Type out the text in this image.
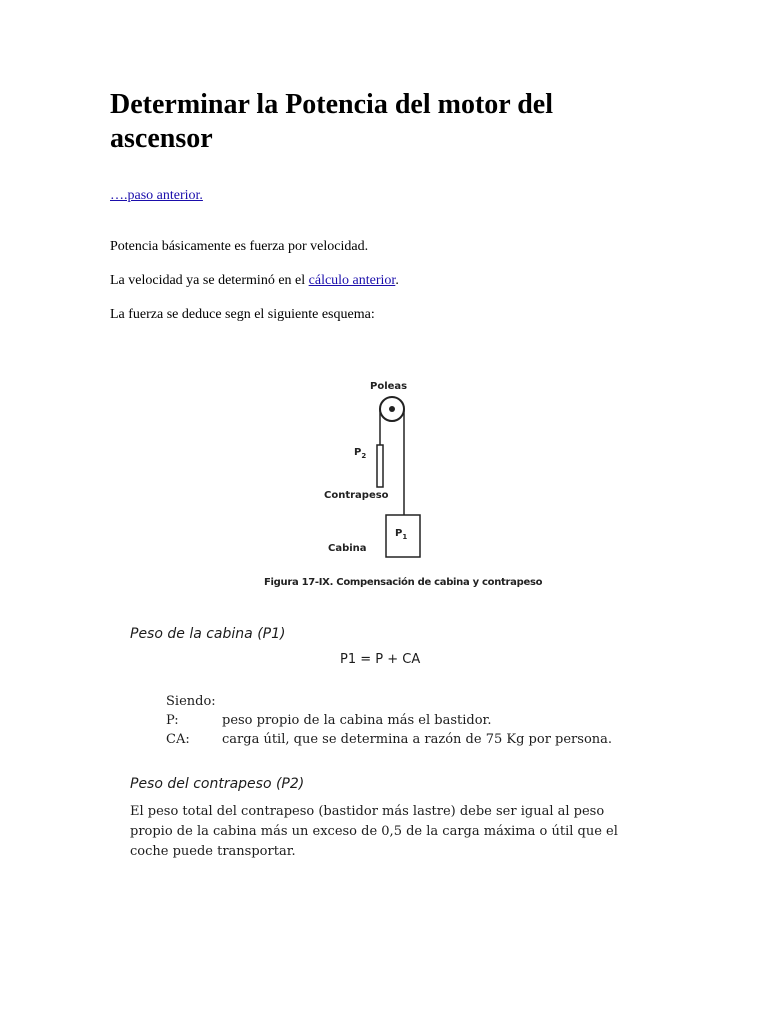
Determinar la Potencia del motor del ascensor
….paso anterior.

Potencia básicamente es fuerza por velocidad.

La velocidad ya se determinó en el cálculo anterior.

La fuerza se deduce segn el siguiente esquema:

Poleas
$P_2$
Contrapeso
Cabina
$P_1$
Figura 17-IX. Compensación de cabina y contrapeso
Peso de la cabina (P1)
P1 = P + CA
Siendo:
P:	peso propio de la cabina más el bastidor.
CA:	carga útil, que se determina a razón de 75 Kg por persona.
Peso del contrapeso (P2)
El peso total del contrapeso (bastidor más lastre) debe ser igual al peso propio de la cabina más un exceso de 0,5 de la carga máxima o útil que el coche puede transportar.
